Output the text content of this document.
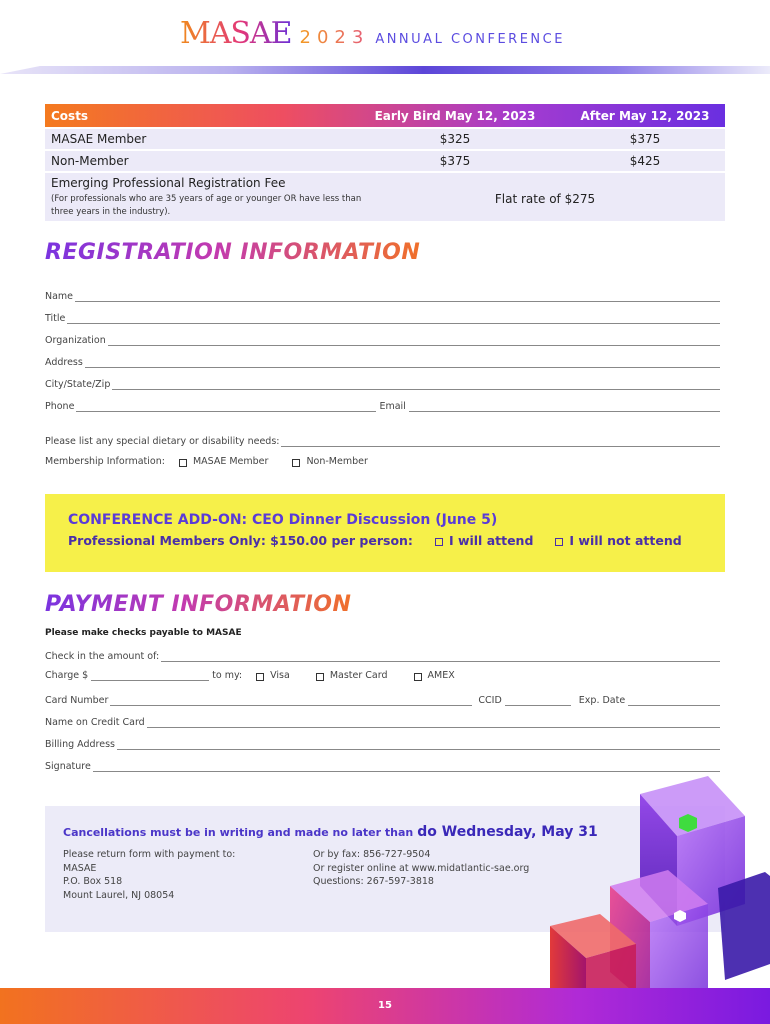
MASAE 2023 ANNUAL CONFERENCE
Costs	Early Bird May 12, 2023	After May 12, 2023
MASAE Member	$325	$375
Non-Member	$375	$425
Emerging Professional Registration Fee
(For professionals who are 35 years of age or younger OR have less than three years in the industry).
Flat rate of $275
REGISTRATION INFORMATION
Name
Title
Organization
Address
City/State/Zip
Phone	Email
Please list any special dietary or disability needs:
Membership Information:	MASAE Member	Non-Member
CONFERENCE ADD-ON: CEO Dinner Discussion (June 5)
Professional Members Only: $150.00 per person:	I will attend	I will not attend
PAYMENT INFORMATION
Please make checks payable to MASAE
Check in the amount of:
Charge $	to my:	Visa	Master Card	AMEX
Card Number	CCID	Exp. Date
Name on Credit Card
Billing Address
Signature
Cancellations must be in writing and made no later than do Wednesday, May 31
Please return form with payment to:
MASAE
P.O. Box 518
Mount Laurel, NJ 08054
Or by fax: 856-727-9504
Or register online at www.midatlantic-sae.org
Questions: 267-597-3818
15
